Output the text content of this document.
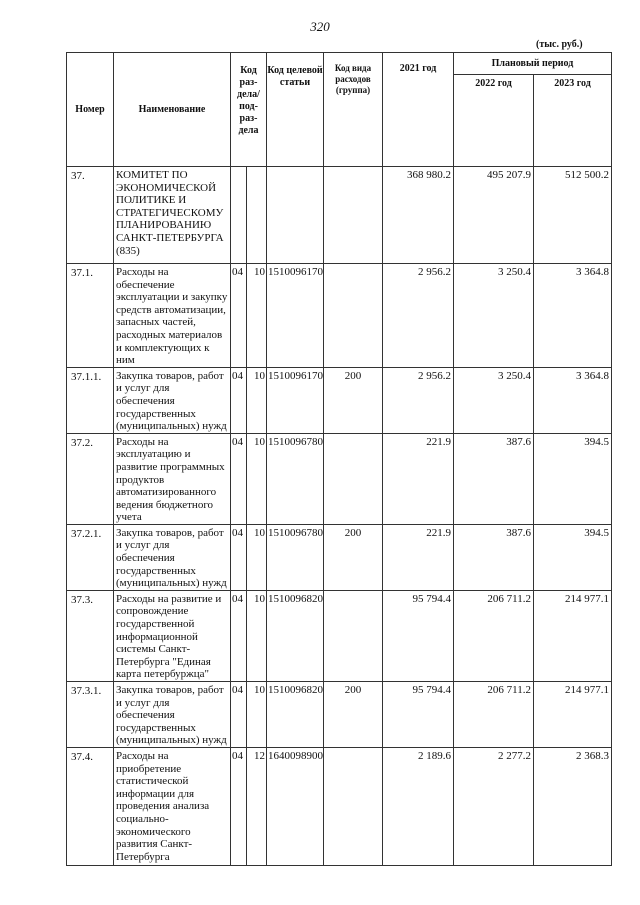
320
(тыс. руб.)
Номер	Наименование	Код раз- дела/ под- раз- дела		Код целевой статьи	Код вида расходов (группа)	2021 год	Плановый период	
							2022 год	2023 год
37.	КОМИТЕТ ПО ЭКОНОМИЧЕСКОЙ ПОЛИТИКЕ И СТРАТЕГИЧЕСКОМУ ПЛАНИРОВАНИЮ САНКТ-ПЕТЕРБУРГА (835)					368 980.2	495 207.9	512 500.2
37.1.	Расходы на обеспечение эксплуатации и закупку средств автоматизации, запасных частей, расходных материалов и комплектующих к ним	04	10	1510096170		2 956.2	3 250.4	3 364.8
37.1.1.	Закупка товаров, работ и услуг для обеспечения государственных (муниципальных) нужд	04	10	1510096170	200	2 956.2	3 250.4	3 364.8
37.2.	Расходы на эксплуатацию и развитие программных продуктов автоматизированного ведения бюджетного учета	04	10	1510096780		221.9	387.6	394.5
37.2.1.	Закупка товаров, работ и услуг для обеспечения государственных (муниципальных) нужд	04	10	1510096780	200	221.9	387.6	394.5
37.3.	Расходы на развитие и сопровождение государственной информационной системы Санкт-Петербурга "Единая карта петербуржца"	04	10	1510096820		95 794.4	206 711.2	214 977.1
37.3.1.	Закупка товаров, работ и услуг для обеспечения государственных (муниципальных) нужд	04	10	1510096820	200	95 794.4	206 711.2	214 977.1
37.4.	Расходы на приобретение статистической информации для проведения анализа социально-экономического развития Санкт-Петербурга	04	12	1640098900		2 189.6	2 277.2	2 368.3
